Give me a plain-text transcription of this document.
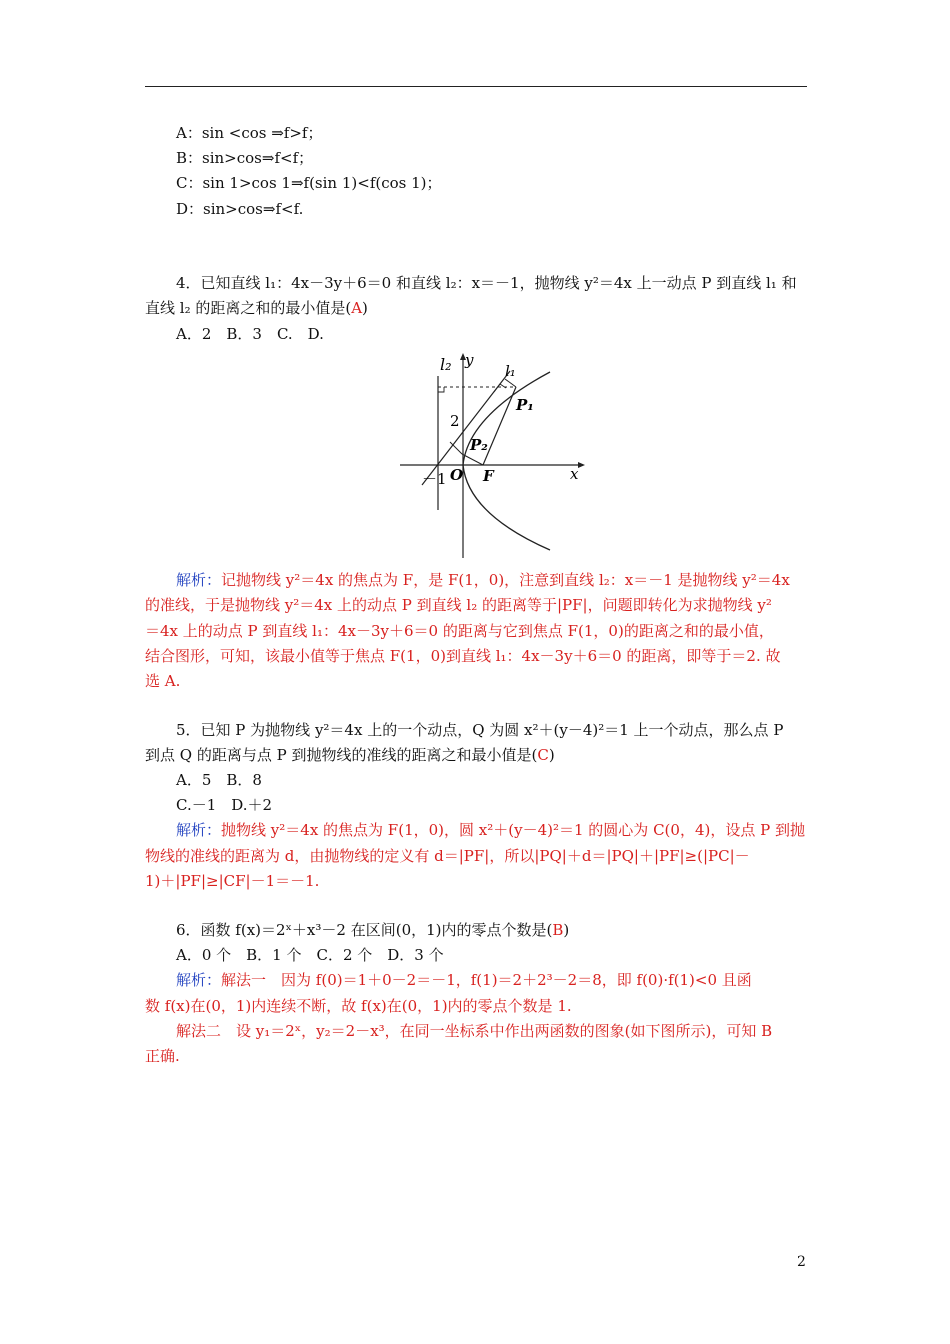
A：sin <cos ⇒f>f；
B：sin>cos⇒f<f；
C：sin 1>cos 1⇒f(sin 1)<f(cos 1)；
D：sin>cos⇒f<f.
4．已知直线 l₁：4x－3y＋6＝0 和直线 l₂：x＝－1，抛物线 y²＝4x 上一动点 P 到直线 l₁ 和
直线 l₂ 的距离之和的最小值是(A)
A．2　B．3　C.　D.
l₂ y
l₁
P₁
2
P₂
O F	x
－1
解析：记抛物线 y²＝4x 的焦点为 F，是 F(1，0)，注意到直线 l₂：x＝－1 是抛物线 y²＝4x
的准线，于是抛物线 y²＝4x 上的动点 P 到直线 l₂ 的距离等于|PF|，问题即转化为求抛物线 y²
＝4x 上的动点 P 到直线 l₁：4x－3y＋6＝0 的距离与它到焦点 F(1，0)的距离之和的最小值，
结合图形，可知，该最小值等于焦点 F(1，0)到直线 l₁：4x－3y＋6＝0 的距离，即等于＝2. 故
选 A.
5．已知 P 为抛物线 y²＝4x 上的一个动点，Q 为圆 x²＋(y－4)²＝1 上一个动点，那么点 P
到点 Q 的距离与点 P 到抛物线的准线的距离之和最小值是(C)
A．5　B．8
C.－1　D.＋2
解析：抛物线 y²＝4x 的焦点为 F(1，0)，圆 x²＋(y－4)²＝1 的圆心为 C(0，4)，设点 P 到抛
物线的准线的距离为 d，由抛物线的定义有 d＝|PF|，所以|PQ|＋d＝|PQ|＋|PF|≥(|PC|－
1)＋|PF|≥|CF|－1＝－1.
6．函数 f(x)＝2ˣ＋x³－2 在区间(0，1)内的零点个数是(B)
A．0 个　B．1 个　C．2 个　D．3 个
解析：解法一　因为 f(0)＝1＋0－2＝－1，f(1)＝2＋2³－2＝8，即 f(0)·f(1)<0 且函
数 f(x)在(0，1)内连续不断，故 f(x)在(0，1)内的零点个数是 1.
解法二　设 y₁＝2ˣ，y₂＝2－x³，在同一坐标系中作出两函数的图象(如下图所示)，可知 B
正确.
2
